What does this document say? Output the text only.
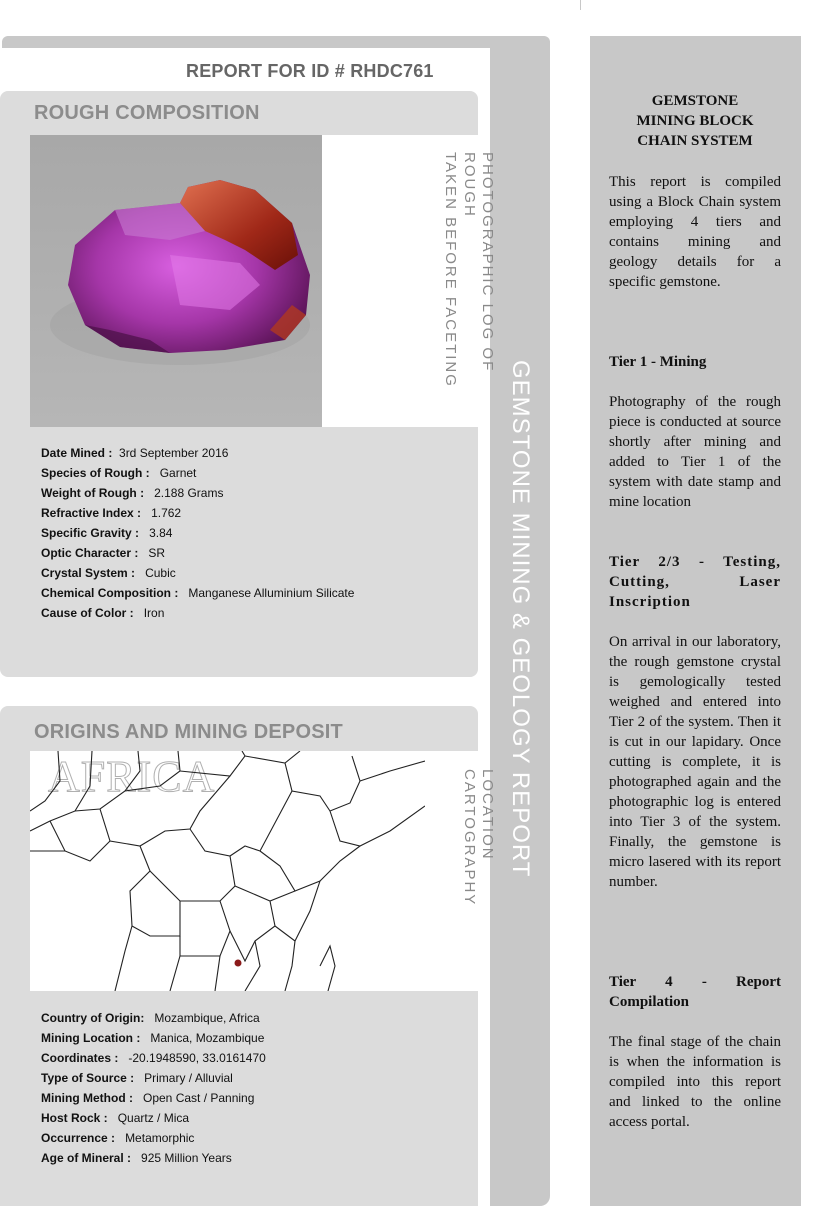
GEMSTONE MINING & GEOLOGY REPORT
REPORT FOR ID # RHDC761
ROUGH COMPOSITION
PHOTOGRAPHIC LOG OF ROUGH
TAKEN BEFORE FACETING
Date Mined : 3rd September 2016
Species of Rough : Garnet
Weight of Rough : 2.188 Grams
Refractive Index : 1.762
Specific Gravity : 3.84
Optic Character : SR
Crystal System : Cubic
Chemical Composition : Manganese Alluminium Silicate
Cause of Color : Iron
ORIGINS AND MINING DEPOSIT
AFRICA	LOCATION CARTOGRAPHY
Country of Origin: Mozambique, Africa
Mining Location : Manica, Mozambique
Coordinates : -20.1948590, 33.0161470
Type of Source : Primary / Alluvial
Mining Method : Open Cast / Panning
Host Rock : Quartz / Mica
Occurrence : Metamorphic
Age of Mineral : 925 Million Years
GEMSTONE
MINING BLOCK
CHAIN SYSTEM
This report is compiled using a Block Chain system employing 4 tiers and contains mining and geology details for a specific gemstone.
Tier 1 - Mining
Photography of the rough piece is conducted at source shortly after mining and added to Tier 1 of the system with date stamp and mine location
Tier 2/3 - Testing, Cutting, Laser Inscription
On arrival in our laboratory, the rough gemstone crystal is gemologically tested weighed and entered into Tier 2 of the system. Then it is cut in our lapidary. Once cutting is complete, it is photographed again and the photographic log is entered into Tier 3 of the system. Finally, the gemstone is micro lasered with its report number.
Tier 4 - Report Compilation
The final stage of the chain is when the information is compiled into this report and linked to the online access portal.
